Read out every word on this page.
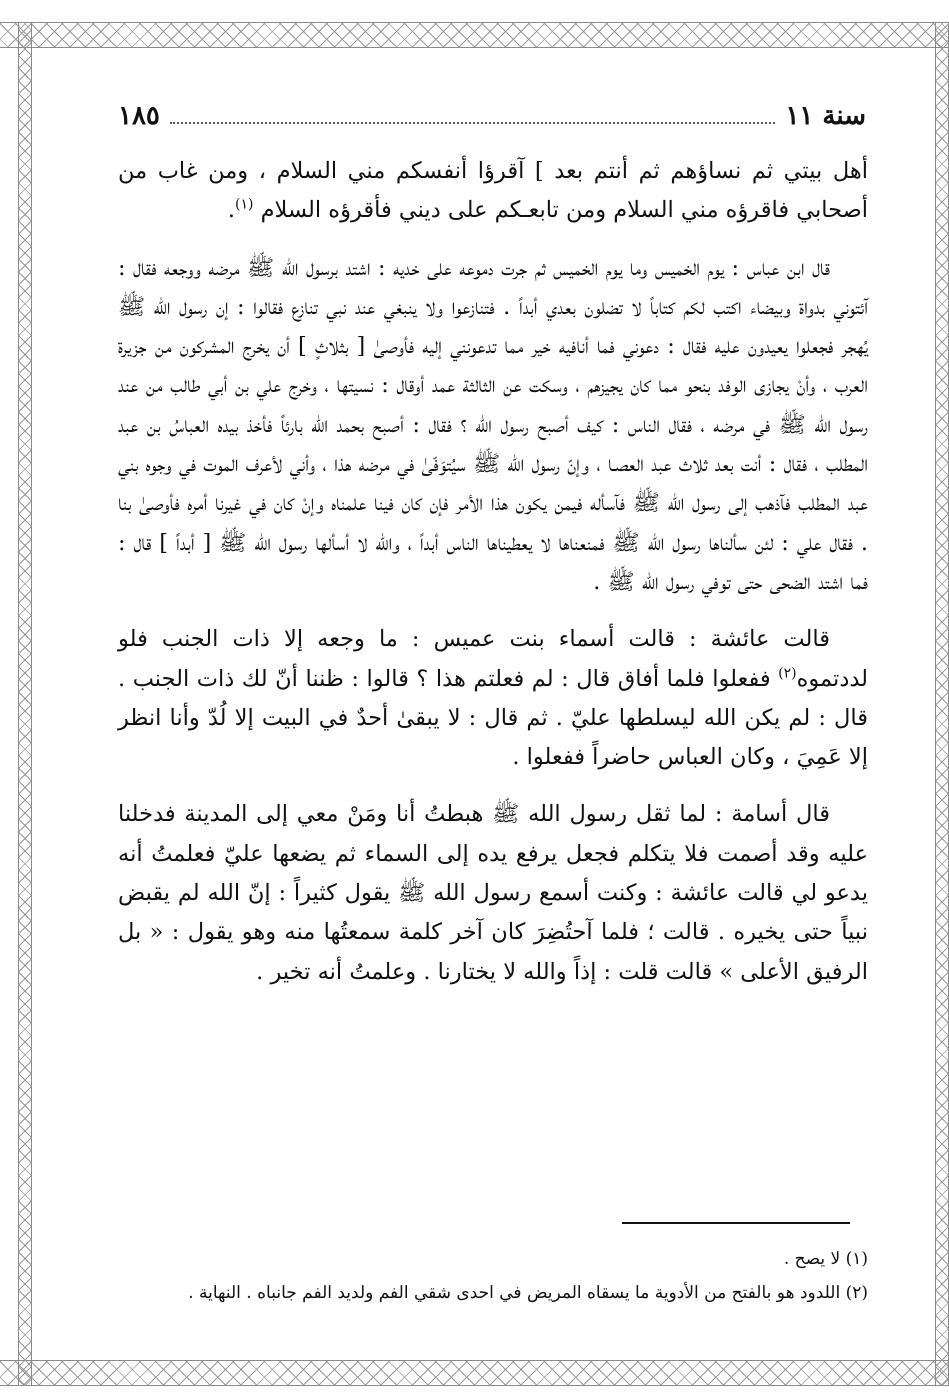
سنة ١١
١٨٥

أهل بيتي ثم نساؤهم ثم أنتم بعد ] آقرؤا أنفسكم مني السلام ، ومن غاب من أصحابي فاقرؤه مني السلام ومن تابعـكم على ديني فأقرؤه السلام $^{(١)}$.

قال ابن عباس : يوم الخميس وما يوم الخميس ثم جرت دموعه على خديه : اشتد برسول الله ﷺ مرضه ووجعه فقال : آئتوني بدواة وبيضاء اكتب لكم كتاباً لا تضلون بعدي أبداً . فتنازعوا ولا ينبغي عند نبي تنازع فقالوا : إن رسول الله ﷺ يُهجر فجعلوا يعيدون عليه فقال : دعوني فما أنافيه خير مما تدعونني إليه فأوصىٰ [ بثلاثٍ ] أن يخرج المشركون من جزيرة العرب ، وأنْ يجازى الوفد بنحو مما كان يجيزهم ، وسكت عن الثالثة عمد أوقال : نسيتها ، وخرج علي بن أبي طالب من عند رسول الله ﷺ في مرضه ، فقال الناس : كيف أصبح رسول الله ؟ فقال : أصبح بحمد الله بارئاً فأخذ بيده العباسُ بن عبد المطلب ، فقال : أنت بعد ثلاث عبد العصـا ، وإنّ رسول الله ﷺ سيُتوَفّىٰ في مرضه هذا ، وأني لأعرف الموت في وجوه بني عبد المطلب فآذهب إلى رسول الله ﷺ فآسأله فيمن يكون هذا الأمر فإن كان فينا علمناه وإنْ كان في غيرنا أمره فأوصىٰ بنا . فقال علي : لئن سألناها رسول الله ﷺ فمنعناها لا يعطيناها الناس أبداً ، والله لا أسألها رسول الله ﷺ [ أبداً ] قال : فما اشتد الضحى حتى توفي رسول الله ﷺ .

قالت عائشة : قالت أسماء بنت عميس : ما وجعه إلا ذات الجنب فلو لددتموه$^{(٢)}$ ففعلوا فلما أفاق قال : لم فعلتم هذا ؟ قالوا : ظننا أنّ لك ذات الجنب . قال : لم يكن الله ليسلطها عليّ . ثم قال : لا يبقىٰ أحدٌ في البيت إلا لُدّ وأنا انظر إلا عَمِيَ ، وكان العباس حاضراً ففعلوا .

قال أسامة : لما ثقل رسول الله ﷺ هبطتُ أنا ومَنْ معي إلى المدينة فدخلنا عليه وقد أصمت فلا يتكلم فجعل يرفع يده إلى السماء ثم يضعها عليّ فعلمتُ أنه يدعو لي قالت عائشة : وكنت أسمع رسول الله ﷺ يقول كثيراً : إنّ الله لم يقبض نبياً حتى يخيره . قالت ؛ فلما آحتُضِرَ كان آخر كلمة سمعتُها منه وهو يقول : « بل الرفيق الأعلى » قالت قلت : إذاً والله لا يختارنا . وعلمتُ أنه تخير .

(١) لا يصح .
(٢) اللدود هو بالفتح من الأدوية ما يسقاه المريض في احدى شقي الفم ولديد الفم جانباه . النهاية .
